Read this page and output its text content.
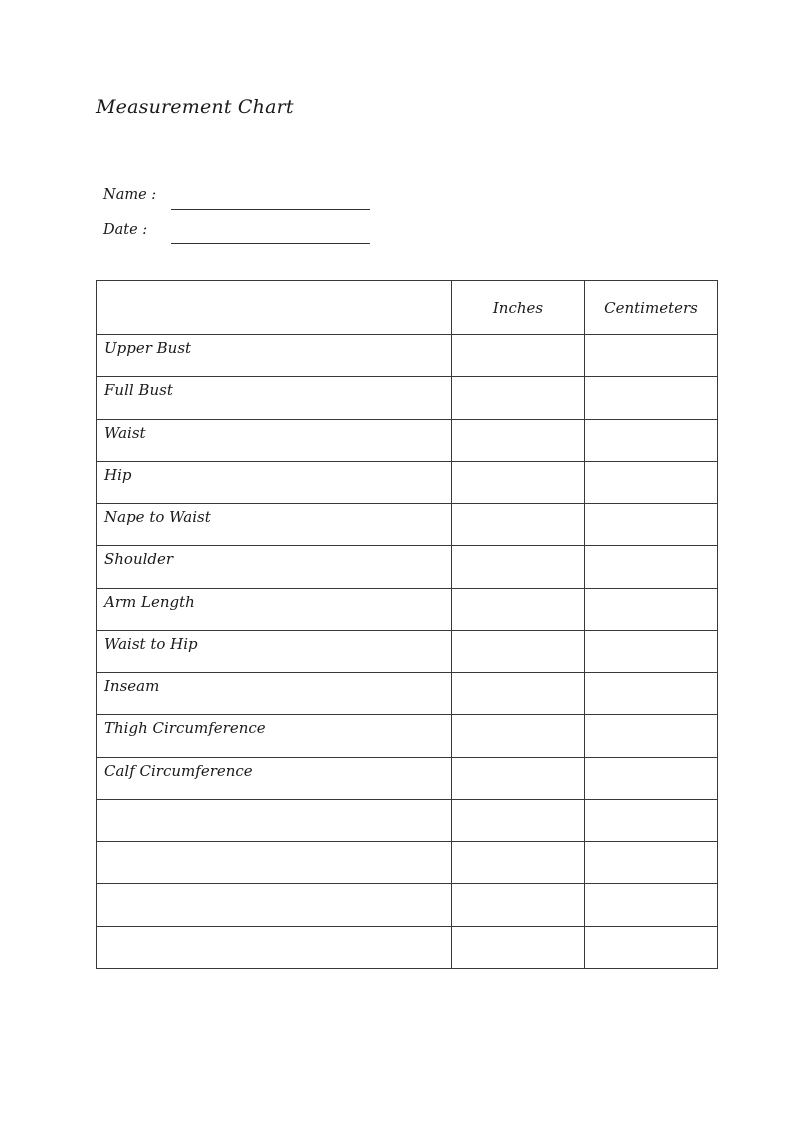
Measurement Chart
Name :
Date :
	Inches	Centimeters
Upper Bust		
Full Bust		
Waist		
Hip		
Nape to Waist		
Shoulder		
Arm Length		
Waist to Hip		
Inseam		
Thigh Circumference		
Calf Circumference		
